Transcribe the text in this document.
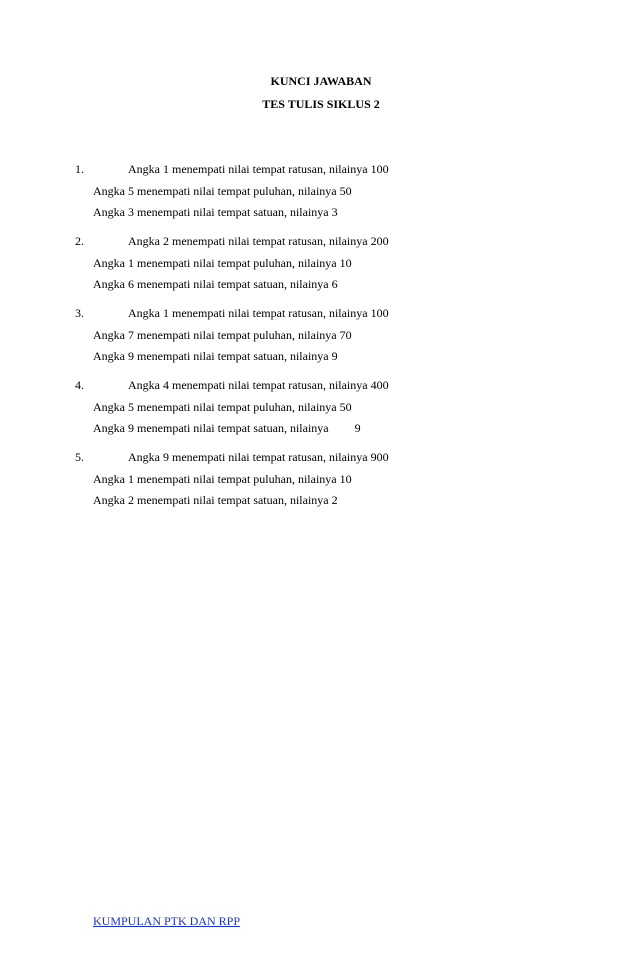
KUNCI JAWABAN
TES TULIS SIKLUS 2
1.	Angka 1 menempati nilai tempat ratusan, nilainya 100
Angka 5 menempati nilai tempat puluhan, nilainya 50
Angka 3 menempati nilai tempat satuan, nilainya 3
2.	Angka 2 menempati nilai tempat ratusan, nilainya 200
Angka 1 menempati nilai tempat puluhan, nilainya 10
Angka 6 menempati nilai tempat satuan, nilainya 6
3.	Angka 1 menempati nilai tempat ratusan, nilainya 100
Angka 7 menempati nilai tempat puluhan, nilainya 70
Angka 9 menempati nilai tempat satuan, nilainya 9
4.	Angka 4 menempati nilai tempat ratusan, nilainya 400
Angka 5 menempati nilai tempat puluhan, nilainya 50
Angka 9 menempati nilai tempat satuan, nilainya 9
5.	Angka 9 menempati nilai tempat ratusan, nilainya 900
Angka 1 menempati nilai tempat puluhan, nilainya 10
Angka 2 menempati nilai tempat satuan, nilainya 2
KUMPULAN PTK DAN RPP
